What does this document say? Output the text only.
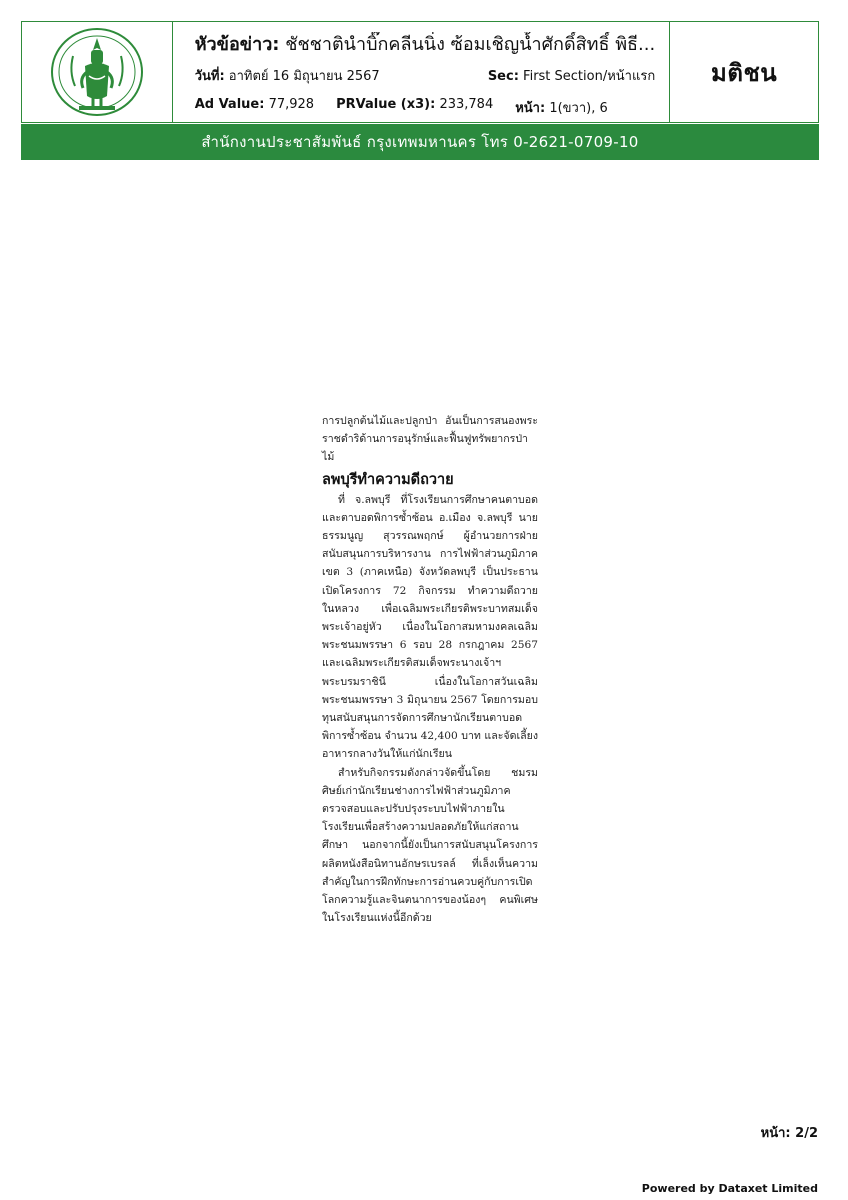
หัวข้อข่าว: ชัชชาตินำบิ๊กคลีนนิ่ง ซ้อมเชิญน้ำศักดิ์สิทธิ์ พิธี...
วันที่: อาทิตย์ 16 มิถุนายน 2567	Sec: First Section/หน้าแรก
Ad Value: 77,928 PRValue (x3): 233,784 หน้า: 1(ขวา), 6
มติชน
สำนักงานประชาสัมพันธ์ กรุงเทพมหานคร โทร 0-2621-0709-10

การปลูกต้นไม้และปลูกป่า อันเป็นการสนองพระราชดำริด้านการอนุรักษ์และฟื้นฟูทรัพยากรป่าไม้

ลพบุรีทำความดีถวาย

ที่ จ.ลพบุรี ที่โรงเรียนการศึกษาคนตาบอดและตาบอดพิการซ้ำซ้อน อ.เมือง จ.ลพบุรี นายธรรมนูญ สุวรรณพฤกษ์ ผู้อำนวยการฝ่ายสนับสนุนการบริหารงาน การไฟฟ้าส่วนภูมิภาค เขต 3 (ภาคเหนือ) จังหวัดลพบุรี เป็นประธานเปิดโครงการ 72 กิจกรรม ทำความดีถวายในหลวง เพื่อเฉลิมพระเกียรติพระบาทสมเด็จพระเจ้าอยู่หัว เนื่องในโอกาสมหามงคลเฉลิมพระชนมพรรษา 6 รอบ 28 กรกฎาคม 2567 และเฉลิมพระเกียรติสมเด็จพระนางเจ้าฯ พระบรมราชินี เนื่องในโอกาสวันเฉลิมพระชนมพรรษา 3 มิถุนายน 2567 โดยการมอบทุนสนับสนุนการจัดการศึกษานักเรียนตาบอดพิการซ้ำซ้อน จำนวน 42,400 บาท และจัดเลี้ยงอาหารกลางวันให้แก่นักเรียน

สำหรับกิจกรรมดังกล่าวจัดขึ้นโดย ชมรมศิษย์เก่านักเรียนช่างการไฟฟ้าส่วนภูมิภาค ตรวจสอบและปรับปรุงระบบไฟฟ้าภายในโรงเรียนเพื่อสร้างความปลอดภัยให้แก่สถานศึกษา นอกจากนี้ยังเป็นการสนับสนุนโครงการ ผลิตหนังสือนิทานอักษรเบรลล์ ที่เล็งเห็นความสำคัญในการฝึกทักษะการอ่านควบคู่กับการเปิดโลกความรู้และจินตนาการของน้องๆ คนพิเศษในโรงเรียนแห่งนี้อีกด้วย

หน้า: 2/2
Powered by Dataxet Limited
